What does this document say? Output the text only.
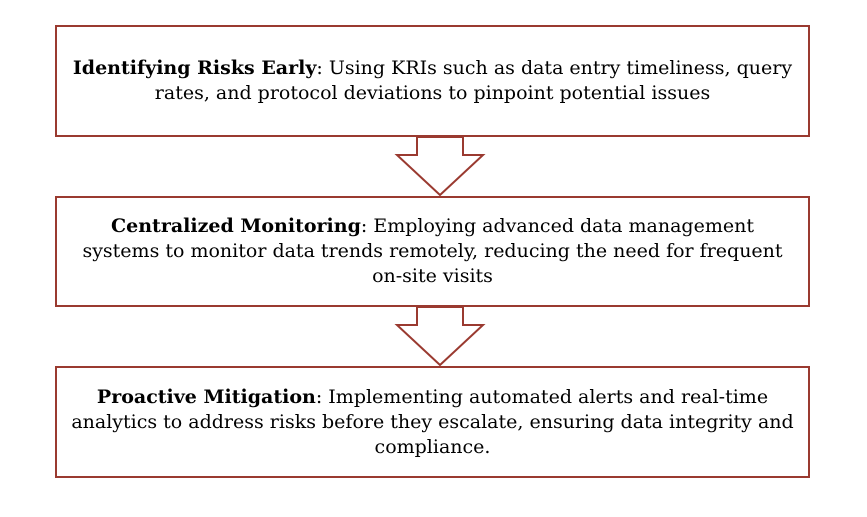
Identifying Risks Early: Using KRIs such as data entry timeliness, query rates, and protocol deviations to pinpoint potential issues
Centralized Monitoring: Employing advanced data management systems to monitor data trends remotely, reducing the need for frequent on-site visits
Proactive Mitigation: Implementing automated alerts and real-time analytics to address risks before they escalate, ensuring data integrity and compliance.
